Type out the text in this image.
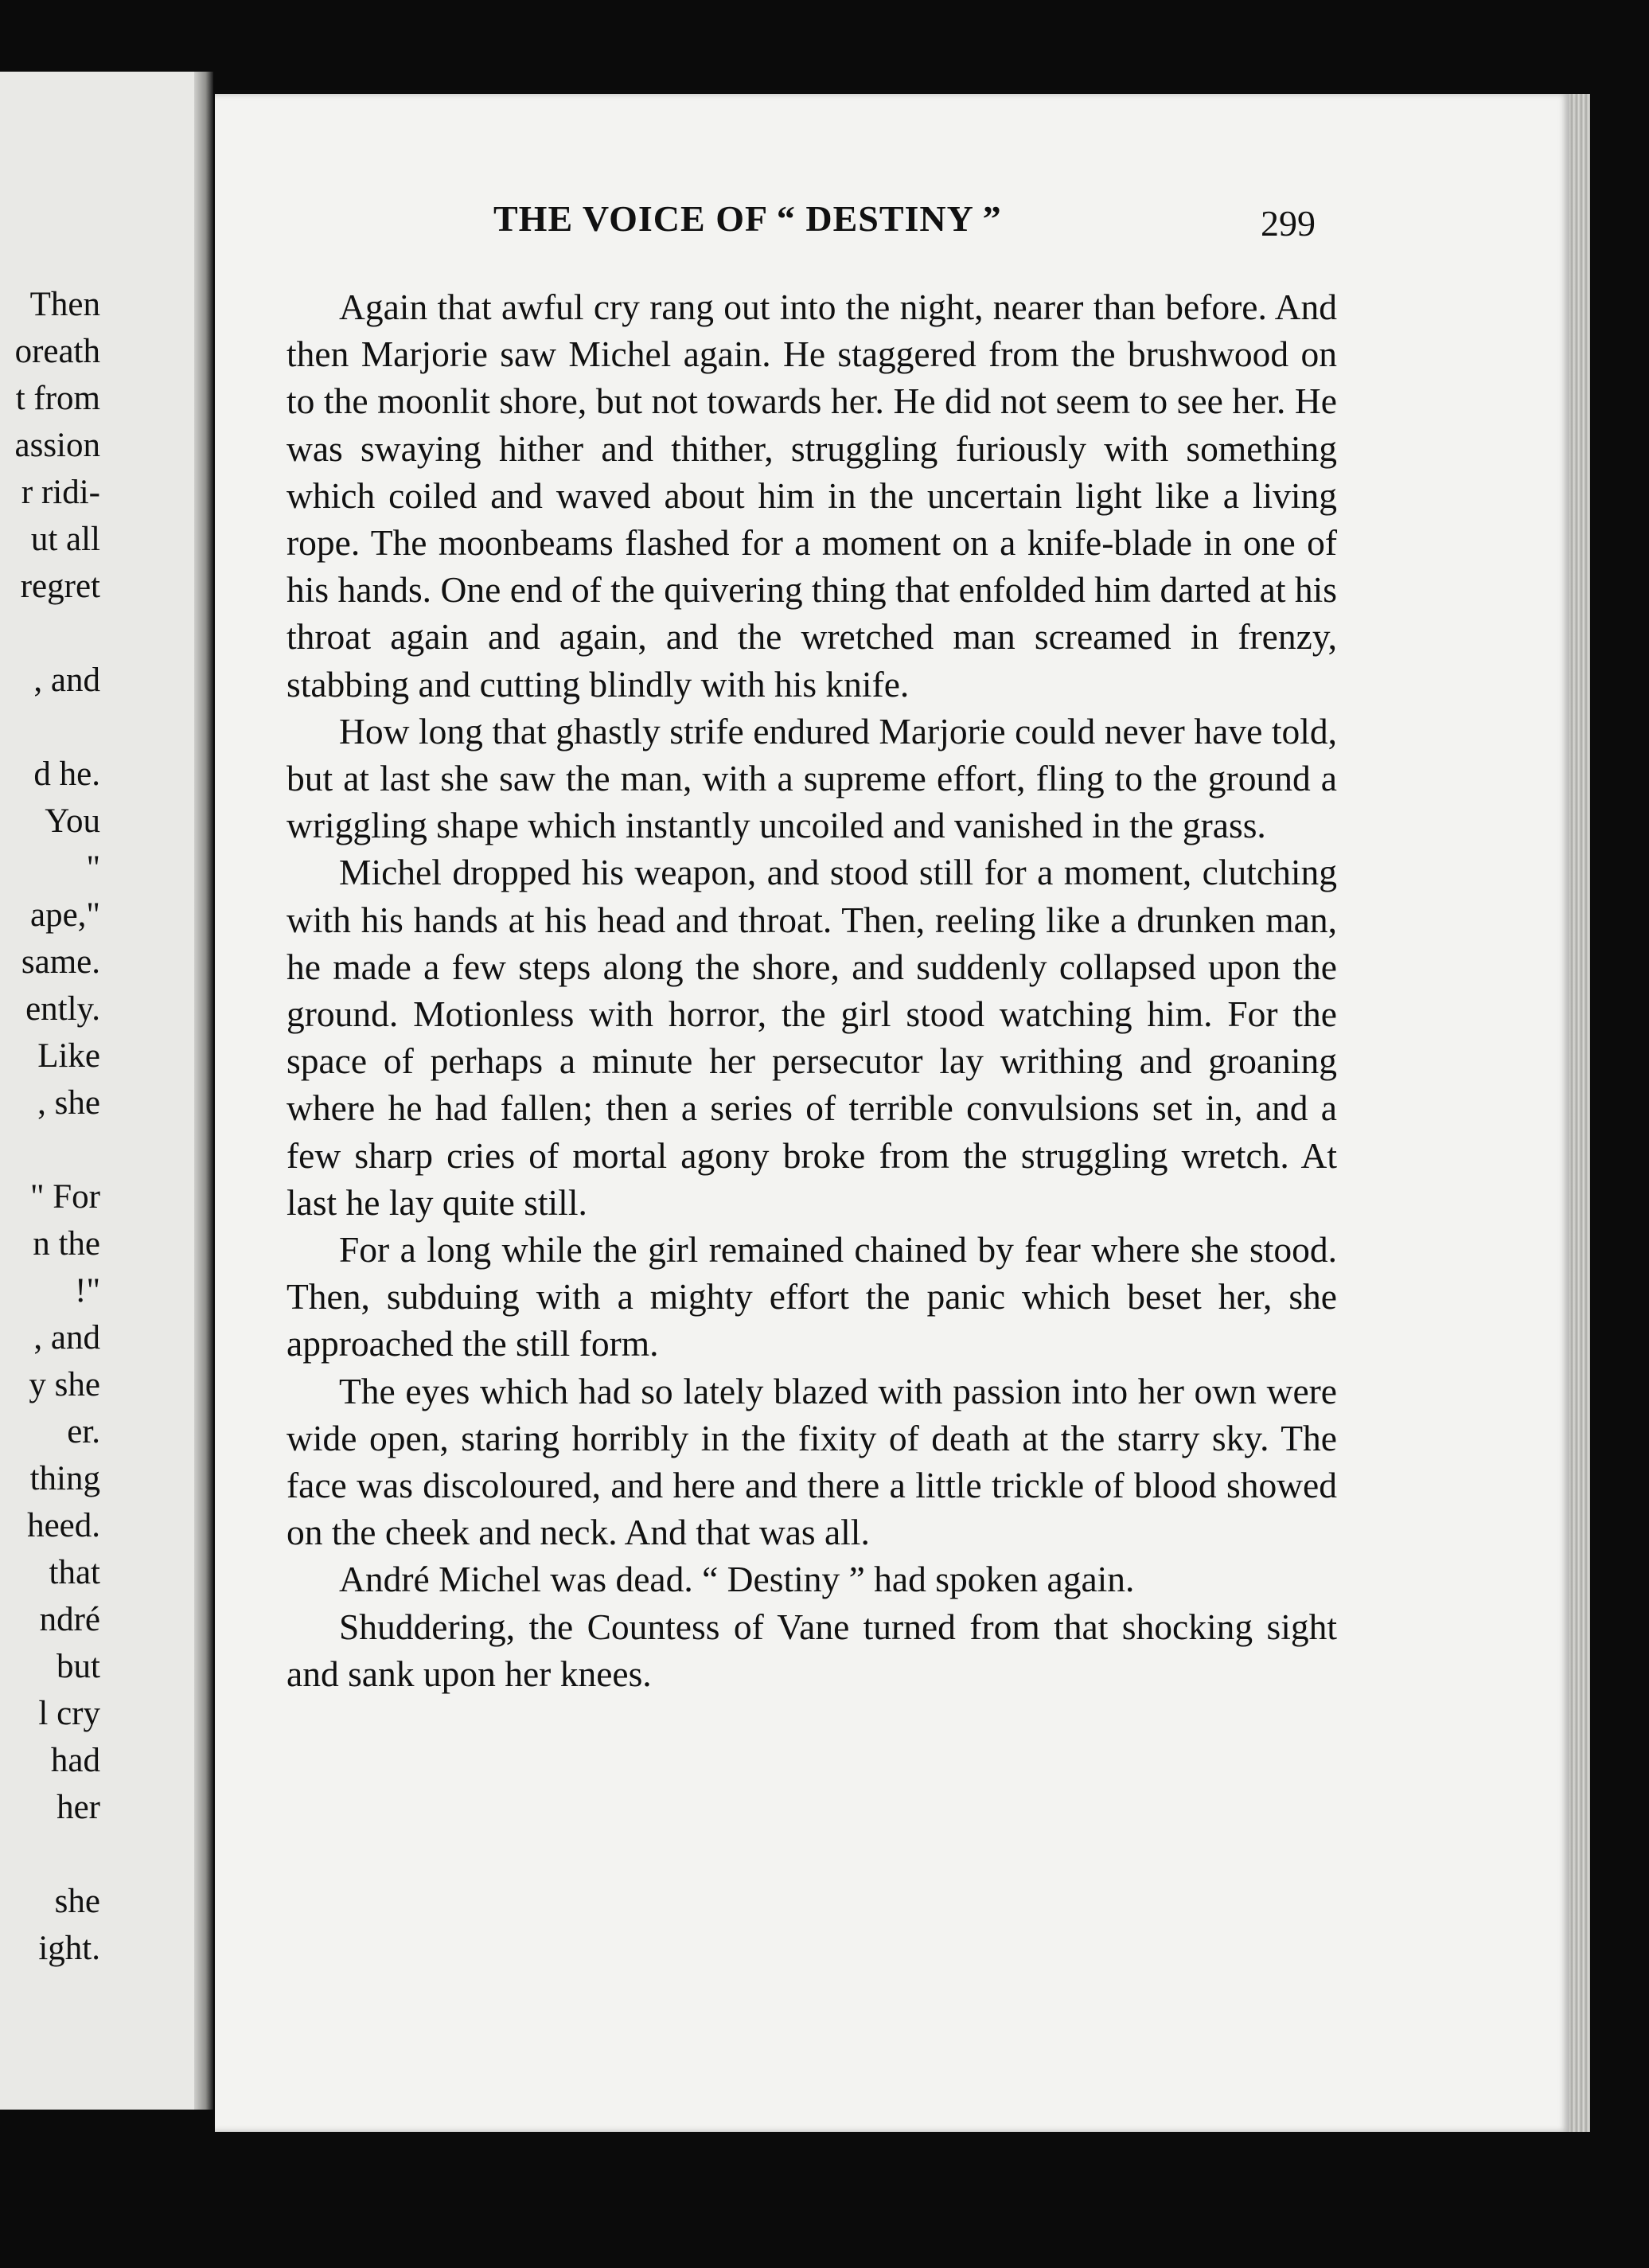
Then
oreath
t from
assion
r ridi-
ut all
regret
, and
d he.
You
"
ape,"
same.
ently.
Like
, she
" For
n the
!"
, and
y she
er.
thing
heed.
that
ndré
but
l cry
had
her
she
ight.
THE VOICE OF “ DESTINY ”	299

Again that awful cry rang out into the night, nearer than before. And then Marjorie saw Michel again. He staggered from the brushwood on to the moonlit shore, but not towards her. He did not seem to see her. He was swaying hither and thither, struggling furiously with something which coiled and waved about him in the uncertain light like a living rope. The moonbeams flashed for a moment on a knife-blade in one of his hands. One end of the quivering thing that enfolded him darted at his throat again and again, and the wretched man screamed in frenzy, stabbing and cutting blindly with his knife.

How long that ghastly strife endured Marjorie could never have told, but at last she saw the man, with a supreme effort, fling to the ground a wriggling shape which instantly uncoiled and vanished in the grass.

Michel dropped his weapon, and stood still for a moment, clutching with his hands at his head and throat. Then, reeling like a drunken man, he made a few steps along the shore, and suddenly collapsed upon the ground. Motionless with horror, the girl stood watching him. For the space of perhaps a minute her persecutor lay writhing and groaning where he had fallen; then a series of terrible convulsions set in, and a few sharp cries of mortal agony broke from the struggling wretch. At last he lay quite still.

For a long while the girl remained chained by fear where she stood. Then, subduing with a mighty effort the panic which beset her, she approached the still form.

The eyes which had so lately blazed with passion into her own were wide open, staring horribly in the fixity of death at the starry sky. The face was discoloured, and here and there a little trickle of blood showed on the cheek and neck. And that was all.

André Michel was dead. “ Destiny ” had spoken again.

Shuddering, the Countess of Vane turned from that shocking sight and sank upon her knees.
